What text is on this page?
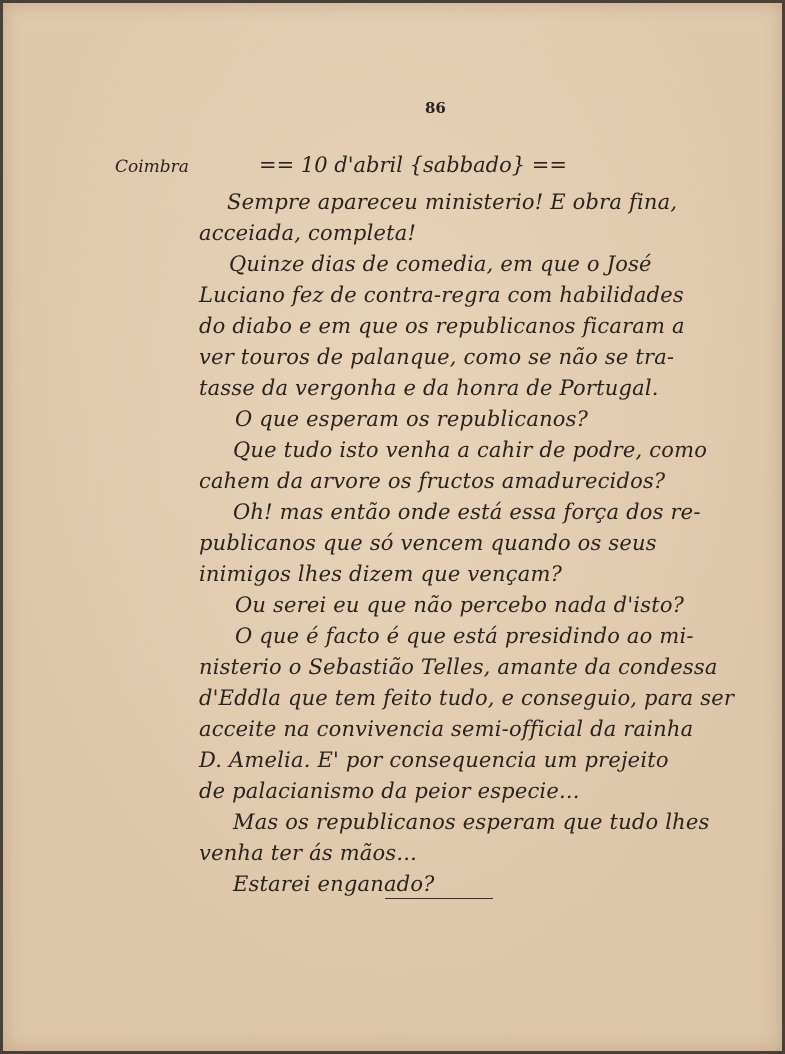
86
Coimbra	== 10 d'abril {sabbado} ==
Sempre apareceu ministerio! E obra fina,
acceiada, completa!
Quinze dias de comedia, em que o José
Luciano fez de contra-regra com habilidades
do diabo e em que os republicanos ficaram a
ver touros de palanque, como se não se tra-
tasse da vergonha e da honra de Portugal.
O que esperam os republicanos?
Que tudo isto venha a cahir de podre, como
cahem da arvore os fructos amadurecidos?
Oh! mas então onde está essa força dos re-
publicanos que só vencem quando os seus
inimigos lhes dizem que vençam?
Ou serei eu que não percebo nada d'isto?
O que é facto é que está presidindo ao mi-
nisterio o Sebastião Telles, amante da condessa
d'Eddla que tem feito tudo, e conseguio, para ser
acceite na convivencia semi-official da rainha
D. Amelia. E' por consequencia um prejeito
de palacianismo da peior especie...
Mas os republicanos esperam que tudo lhes
venha ter ás mãos...
Estarei enganado?
